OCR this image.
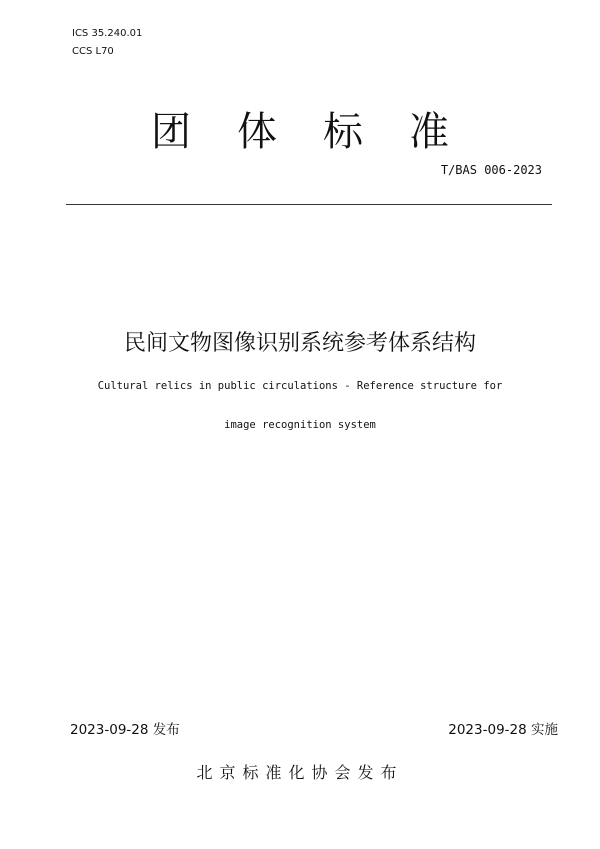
ICS 35.240.01
CCS L70
团体标准
T/BAS 006-2023
民间文物图像识别系统参考体系结构
Cultural relics in public circulations - Reference structure for
image recognition system
2023-09-28 发布	2023-09-28 实施
北京标准化协会发布
